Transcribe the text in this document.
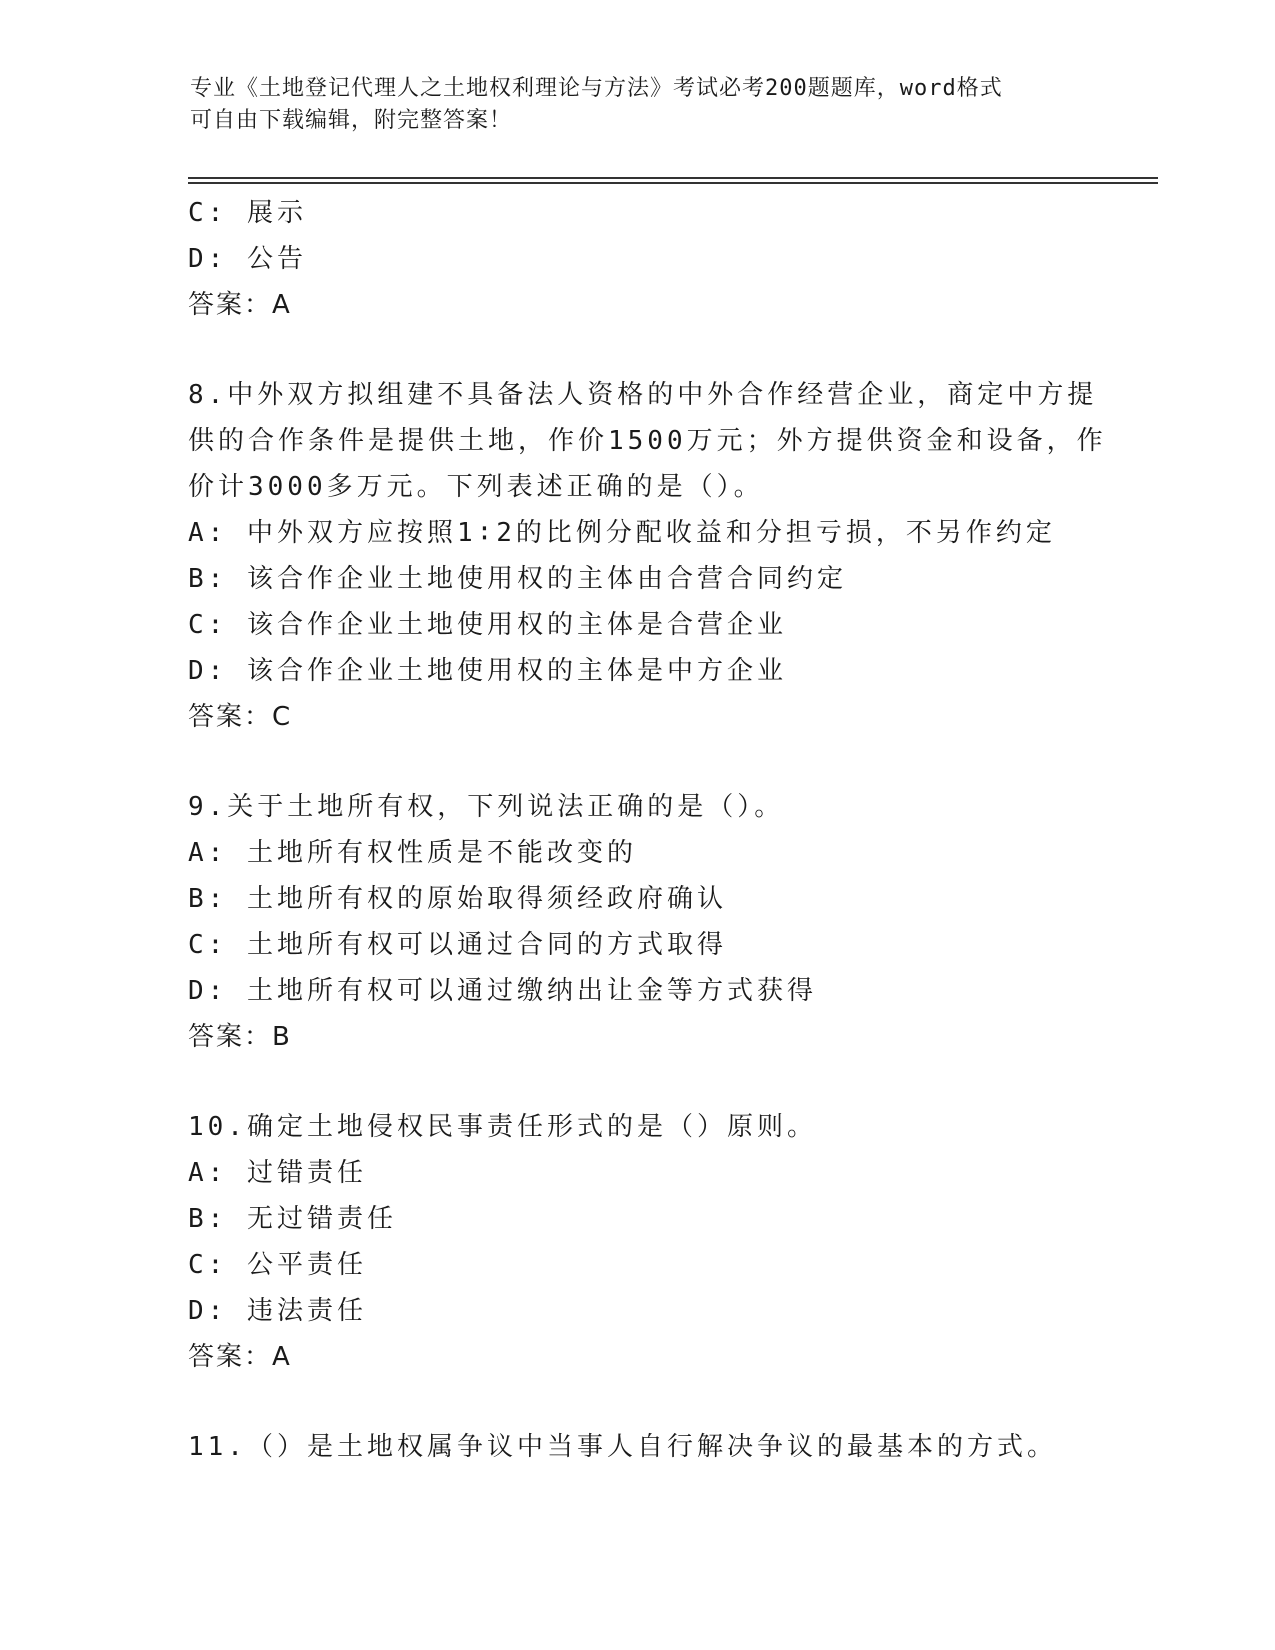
专业《土地登记代理人之土地权利理论与方法》考试必考200题题库，word格式
可自由下载编辑，附完整答案！
C: 展示
D: 公告
答案：A
8.中外双方拟组建不具备法人资格的中外合作经营企业，商定中方提
供的合作条件是提供土地，作价1500万元；外方提供资金和设备，作
价计3000多万元。下列表述正确的是（）。
A: 中外双方应按照1∶2的比例分配收益和分担亏损，不另作约定
B: 该合作企业土地使用权的主体由合营合同约定
C: 该合作企业土地使用权的主体是合营企业
D: 该合作企业土地使用权的主体是中方企业
答案：C
9.关于土地所有权，下列说法正确的是（）。
A: 土地所有权性质是不能改变的
B: 土地所有权的原始取得须经政府确认
C: 土地所有权可以通过合同的方式取得
D: 土地所有权可以通过缴纳出让金等方式获得
答案：B
10.确定土地侵权民事责任形式的是（）原则。
A: 过错责任
B: 无过错责任
C: 公平责任
D: 违法责任
答案：A
11.（）是土地权属争议中当事人自行解决争议的最基本的方式。
